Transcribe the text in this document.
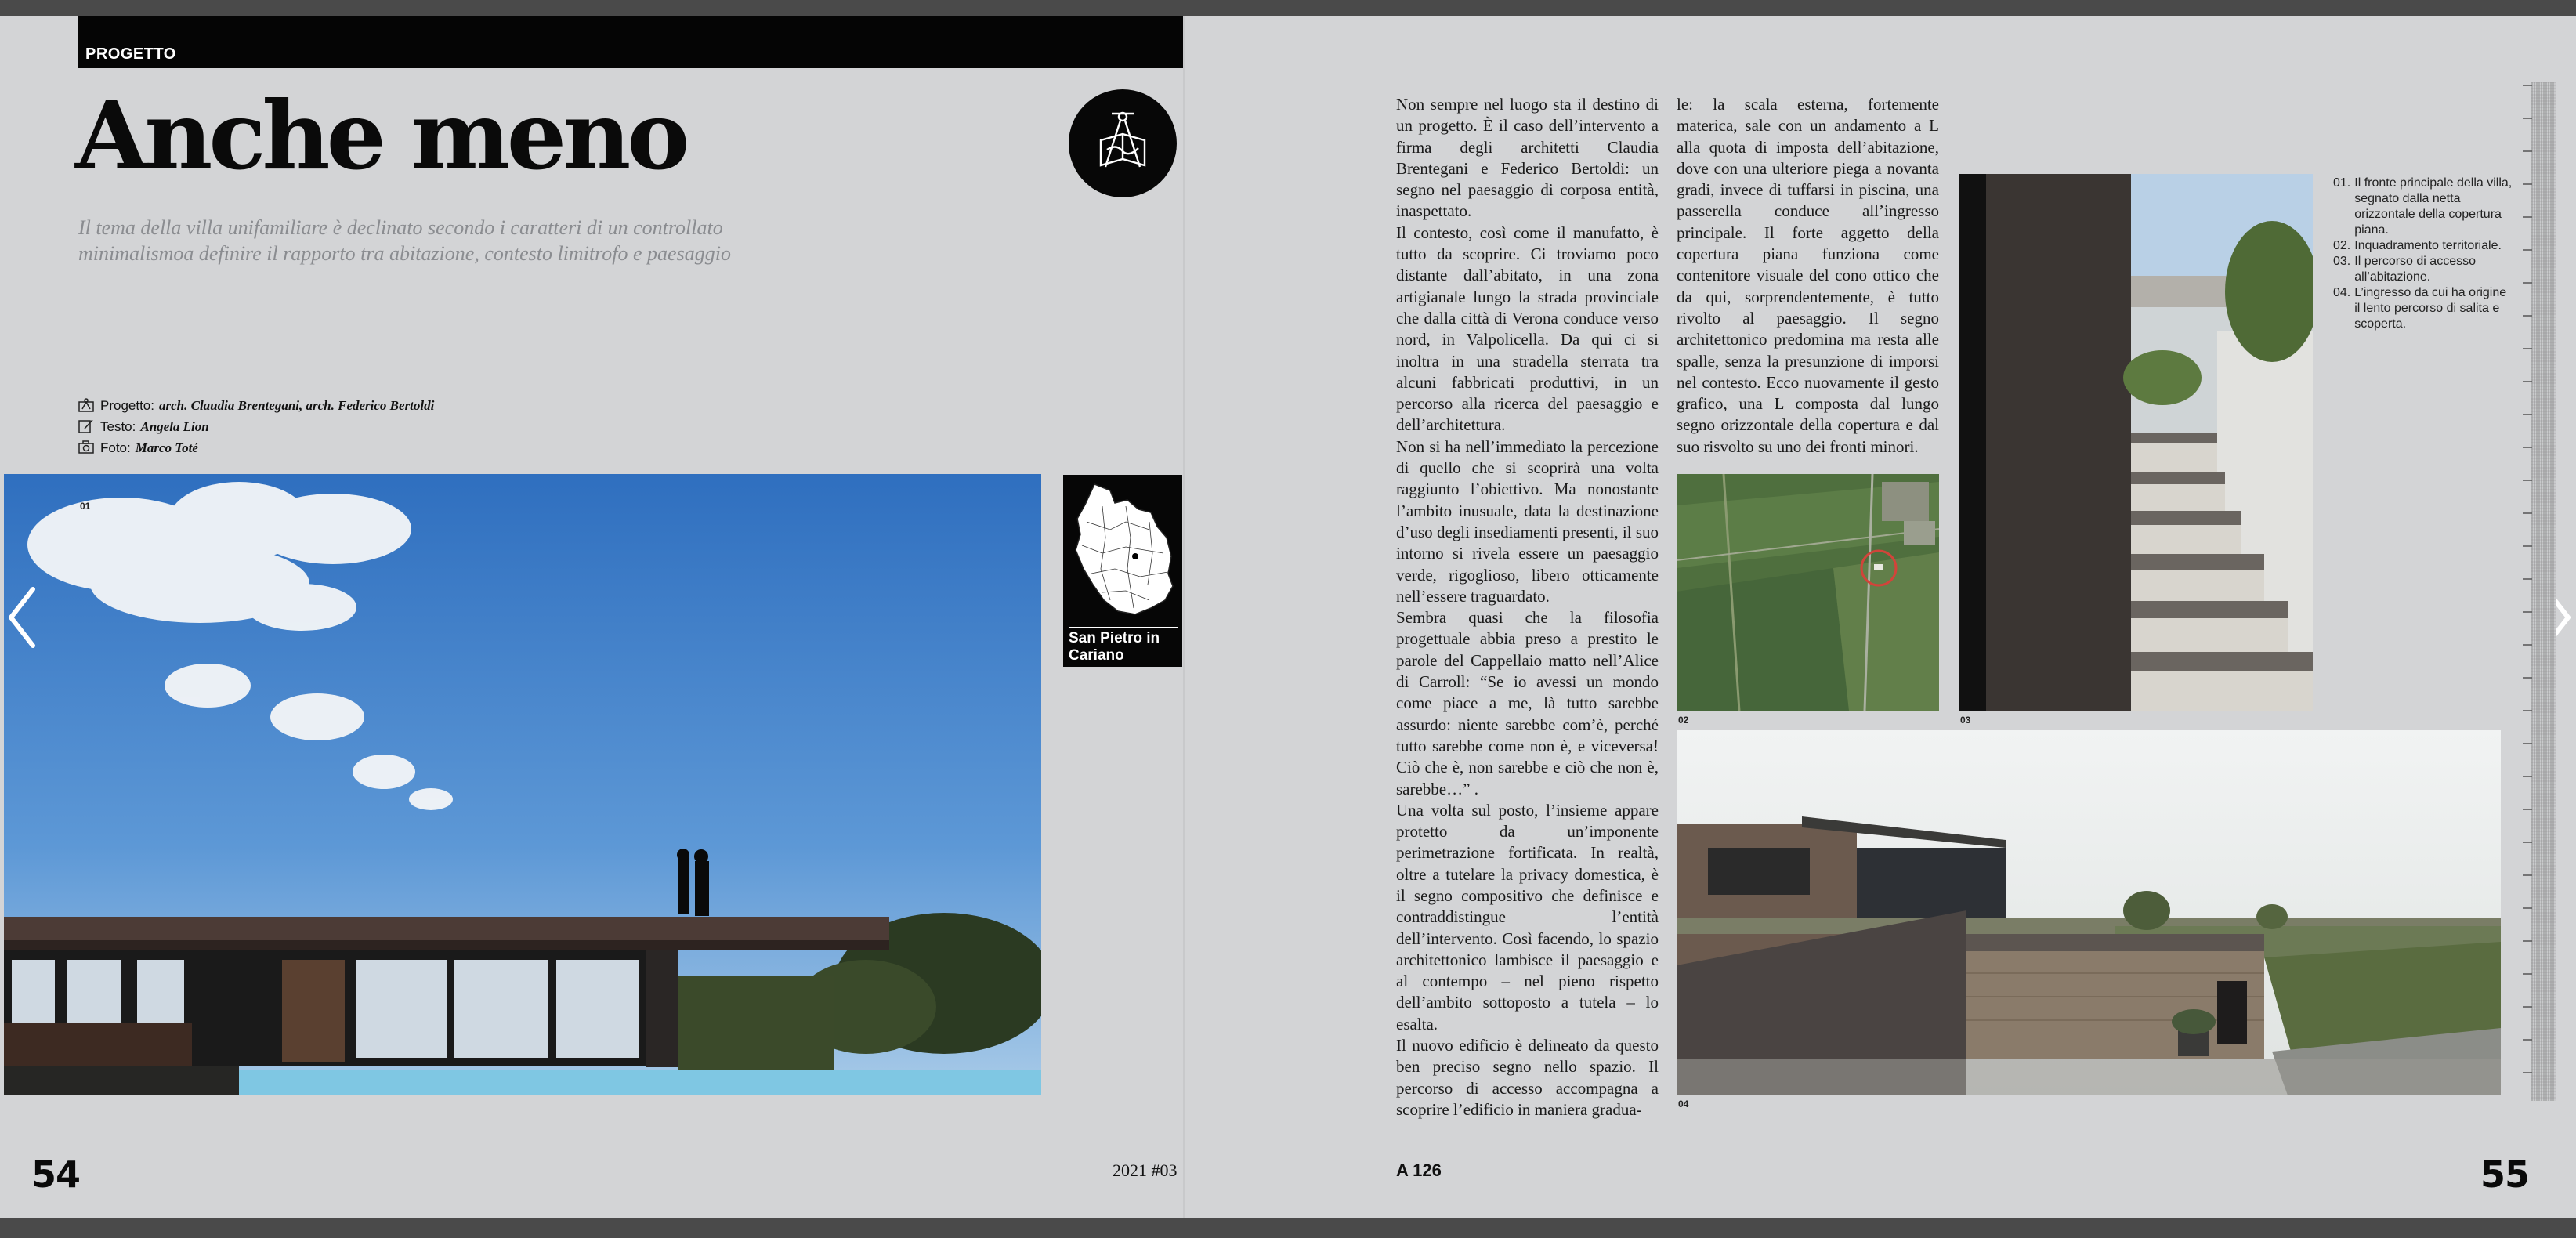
PROGETTO
Anche meno

Il tema della villa unifamiliare è declinato secondo i caratteri di un controllato minimalismoa definire il rapporto tra abitazione, contesto limitrofo e paesaggio

Progetto: arch. Claudia Brentegani, arch. Federico Bertoldi
Testo: Angela Lion
Foto: Marco Toté
01
San Pietro in Cariano
54	2021 #03

Non sempre nel luogo sta il destino di un progetto. È il caso dell’intervento a firma degli architetti Claudia Brentegani e Federico Bertoldi: un segno nel paesaggio di corposa entità, inaspettato.

Il contesto, così come il manufatto, è tutto da scoprire. Ci troviamo poco distante dall’abitato, in una zona artigianale lungo la strada provinciale che dalla città di Verona conduce verso nord, in Valpolicella. Da qui ci si inoltra in una stradella sterrata tra alcuni fabbricati produttivi, in un percorso alla ricerca del paesaggio e dell’architettura.

Non si ha nell’immediato la percezione di quello che si scoprirà una volta raggiunto l’obiettivo. Ma nonostante l’ambito inusuale, data la destinazione d’uso degli insediamenti presenti, il suo intorno si rivela essere un paesaggio verde, rigoglioso, libero otticamente nell’essere traguardato.

Sembra quasi che la filosofia progettuale abbia preso a prestito le parole del Cappellaio matto nell’Alice di Carroll: “Se io avessi un mondo come piace a me, là tutto sarebbe assurdo: niente sarebbe com’è, perché tutto sarebbe come non è, e viceversa! Ciò che è, non sarebbe e ciò che non è, sarebbe…” .

Una volta sul posto, l’insieme appare protetto da un’imponente perimetrazione fortificata. In realtà, oltre a tutelare la privacy domestica, è il segno compositivo che definisce e contraddistingue l’entità dell’intervento. Così facendo, lo spazio architettonico lambisce il paesaggio e al contempo – nel pieno rispetto dell’ambito sottoposto a tutela – lo esalta.

Il nuovo edificio è delineato da questo ben preciso segno nello spazio. Il percorso di accesso accompagna a scoprire l’edificio in maniera gradua-

le: la scala esterna, fortemente materica, sale con un andamento a L alla quota di imposta dell’abitazione, dove con una ulteriore piega a novanta gradi, invece di tuffarsi in piscina, una passerella conduce all’ingresso principale. Il forte aggetto della copertura piana funziona come contenitore visuale del cono ottico che da qui, sorprendentemente, è tutto rivolto al paesaggio. Il segno architettonico predomina ma resta alle spalle, senza la presunzione di imporsi nel contesto. Ecco nuovamente il gesto grafico, una L composta dal lungo segno orizzontale della copertura e dal suo risvolto su uno dei fronti minori.

02	03
01. Il fronte principale della villa, segnato dalla netta orizzontale della copertura piana.
02. Inquadramento territoriale.
03. Il percorso di accesso all’abitazione.
04. L’ingresso da cui ha origine il lento percorso di salita e scoperta.
04
A 126	55
